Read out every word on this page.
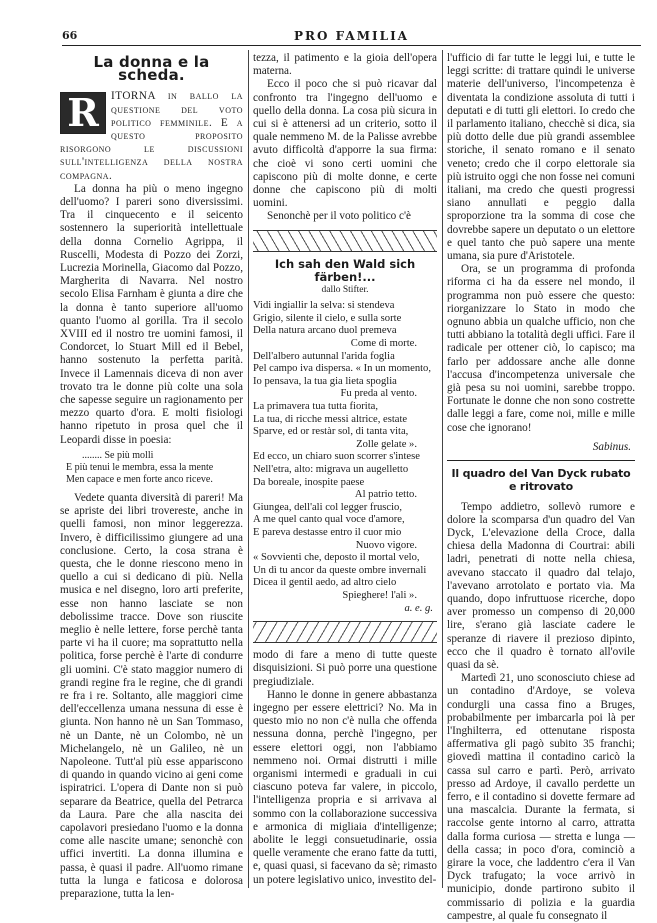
66	PRO FAMILIA
La donna e la scheda.

R	ITORNA in ballo la questione del voto politico femminile. E a questo proposito risorgono le discussioni sull'intelligenza della nostra compagna.

La donna ha più o meno ingegno dell'uomo? I pareri sono diversissimi. Tra il cinquecento e il seicento sostennero la superiorità intellettuale della donna Cornelio Agrippa, il Ruscelli, Modesta di Pozzo dei Zorzi, Lucrezia Morinella, Giacomo dal Pozzo, Margherita di Navarra. Nel nostro secolo Elisa Farnham è giunta a dire che la donna è tanto superiore all'uomo quanto l'uomo al gorilla. Tra il secolo XVIII ed il nostro tre uomini famosi, il Condorcet, lo Stuart Mill ed il Bebel, hanno sostenuto la perfetta parità. Invece il Lamennais diceva di non aver trovato tra le donne più colte una sola che sapesse seguire un ragionamento per mezzo quarto d'ora. E molti fisiologi hanno ripetuto in prosa quel che il Leopardi disse in poesia:

........ Se più molli
E più tenui le membra, essa la mente
Men capace e men forte anco riceve.

Vedete quanta diversità di pareri! Ma se apriste dei libri trovereste, anche in quelli famosi, non minor leggerezza. Invero, è difficilissimo giungere ad una conclusione. Certo, la cosa strana è questa, che le donne riescono meno in quello a cui si dedicano di più. Nella musica e nel disegno, loro arti preferite, esse non hanno lasciate se non debolissime tracce. Dove son riuscite meglio è nelle lettere, forse perchè tanta parte vi ha il cuore; ma soprattutto nella politica, forse perchè è l'arte di condurre gli uomini. C'è stato maggior numero di grandi regine fra le regine, che di grandi re fra i re. Soltanto, alle maggiori cime dell'eccellenza umana nessuna di esse è giunta. Non hanno nè un San Tommaso, nè un Dante, nè un Colombo, nè un Michelangelo, nè un Galileo, nè un Napoleone. Tutt'al più esse appariscono di quando in quando vicino ai geni come ispiratrici. L'opera di Dante non si può separare da Beatrice, quella del Petrarca da Laura. Pare che alla nascita dei capolavori presiedano l'uomo e la donna come alle nascite umane; senonchè con uffici invertiti. La donna illumina e passa, è quasi il padre. All'uomo rimane tutta la lunga e faticosa e dolorosa preparazione, tutta la len-

tezza, il patimento e la gioia dell'opera materna.

Ecco il poco che si può ricavar dal confronto tra l'ingegno dell'uomo e quello della donna. La cosa più sicura in cui si è attenersi ad un criterio, sotto il quale nemmeno M. de la Palisse avrebbe avuto difficoltà d'apporre la sua firma: che cioè vi sono certi uomini che capiscono più di molte donne, e certe donne che capiscono più di molti uomini.

Senonchè per il voto politico c'è

Ich sah den Wald sich färben!...
dallo Stifter.
Vidi ingiallir la selva: si stendeva
Grigio, silente il cielo, e sulla sorte
Della natura arcano duol premeva
Come di morte.
Dell'albero autunnal l'arida foglia
Pel campo iva dispersa. « In un momento,
Io pensava, la tua gia lieta spoglia
Fu preda al vento.
La primavera tua tutta fiorita,
La tua, di ricche messi altrice, estate
Sparve, ed or restàr sol, di tanta vita,
Zolle gelate ».
Ed ecco, un chiaro suon scorrer s'intese
Nell'etra, alto: migrava un augelletto
Da boreale, inospite paese
Al patrio tetto.
Giungea, dell'ali col legger fruscio,
A me quel canto qual voce d'amore,
E pareva destasse entro il cuor mio
Nuovo vigore.
« Sovvienti che, deposto il mortal velo,
Un dì tu ancor da queste ombre invernali
Dicea il gentil aedo, ad altro cielo
Spieghere! l'ali ».
a. e. g.

modo di fare a meno di tutte queste disquisizioni. Si può porre una questione pregiudiziale.

Hanno le donne in genere abbastanza ingegno per essere elettrici? No. Ma in questo mio no non c'è nulla che offenda nessuna donna, perchè l'ingegno, per essere elettori oggi, non l'abbiamo nemmeno noi. Ormai distrutti i mille organismi intermedi e graduali in cui ciascuno poteva far valere, in piccolo, l'intelligenza propria e si arrivava al sommo con la collaborazione successiva e armonica di migliaia d'intelligenze; abolite le leggi consuetudinarie, ossia quelle veramente che erano fatte da tutti, e, quasi quasi, si facevano da sè; rimasto un potere legislativo unico, investito del-

l'ufficio di far tutte le leggi lui, e tutte le leggi scritte: di trattare quindi le universe materie dell'universo, l'incompetenza è diventata la condizione assoluta di tutti i deputati e di tutti gli elettori. Io credo che il parlamento italiano, checchè si dica, sia più dotto delle due più grandi assemblee storiche, il senato romano e il senato veneto; credo che il corpo elettorale sia più istruito oggi che non fosse nei comuni italiani, ma credo che questi progressi siano annullati e peggio dalla sproporzione tra la somma di cose che dovrebbe sapere un deputato o un elettore e quel tanto che può sapere una mente umana, sia pure d'Aristotele.

Ora, se un programma di profonda riforma ci ha da essere nel mondo, il programma non può essere che questo: riorganizzare lo Stato in modo che ognuno abbia un qualche ufficio, non che tutti abbiano la totalità degli uffici. Fare il radicale per ottener ciò, lo capisco; ma farlo per addossare anche alle donne l'accusa d'incompetenza universale che già pesa su noi uomini, sarebbe troppo. Fortunate le donne che non sono costrette dalle leggi a fare, come noi, mille e mille cose che ignorano!

Sabinus.
Il quadro del Van Dyck rubato e ritrovato

Tempo addietro, sollevò rumore e dolore la scomparsa d'un quadro del Van Dyck, L'elevazione della Croce, dalla chiesa della Madonna di Courtrai: abili ladri, penetrati di notte nella chiesa, avevano staccato il quadro dal telajo, l'avevano arrotolato e portato via. Ma quando, dopo infruttuose ricerche, dopo aver promesso un compenso di 20,000 lire, s'erano già lasciate cadere le speranze di riavere il prezioso dipinto, ecco che il quadro è tornato all'ovile quasi da sè.

Martedì 21, uno sconosciuto chiese ad un contadino d'Ardoye, se voleva condurgli una cassa fino a Bruges, probabilmente per imbarcarla poi là per l'Inghilterra, ed ottenutane risposta affermativa gli pagò subito 35 franchi; giovedì mattina il contadino caricò la cassa sul carro e partì. Però, arrivato presso ad Ardoye, il cavallo perdette un ferro, e il contadino si dovette fermare ad una mascalcia. Durante la fermata, si raccolse gente intorno al carro, attratta dalla forma curiosa — stretta e lunga — della cassa; in poco d'ora, cominciò a girare la voce, che laddentro c'era il Van Dyck trafugato; la voce arrivò in municipio, donde partirono subito il commissario di polizia e la guardia campestre, al quale fu consegnato il
